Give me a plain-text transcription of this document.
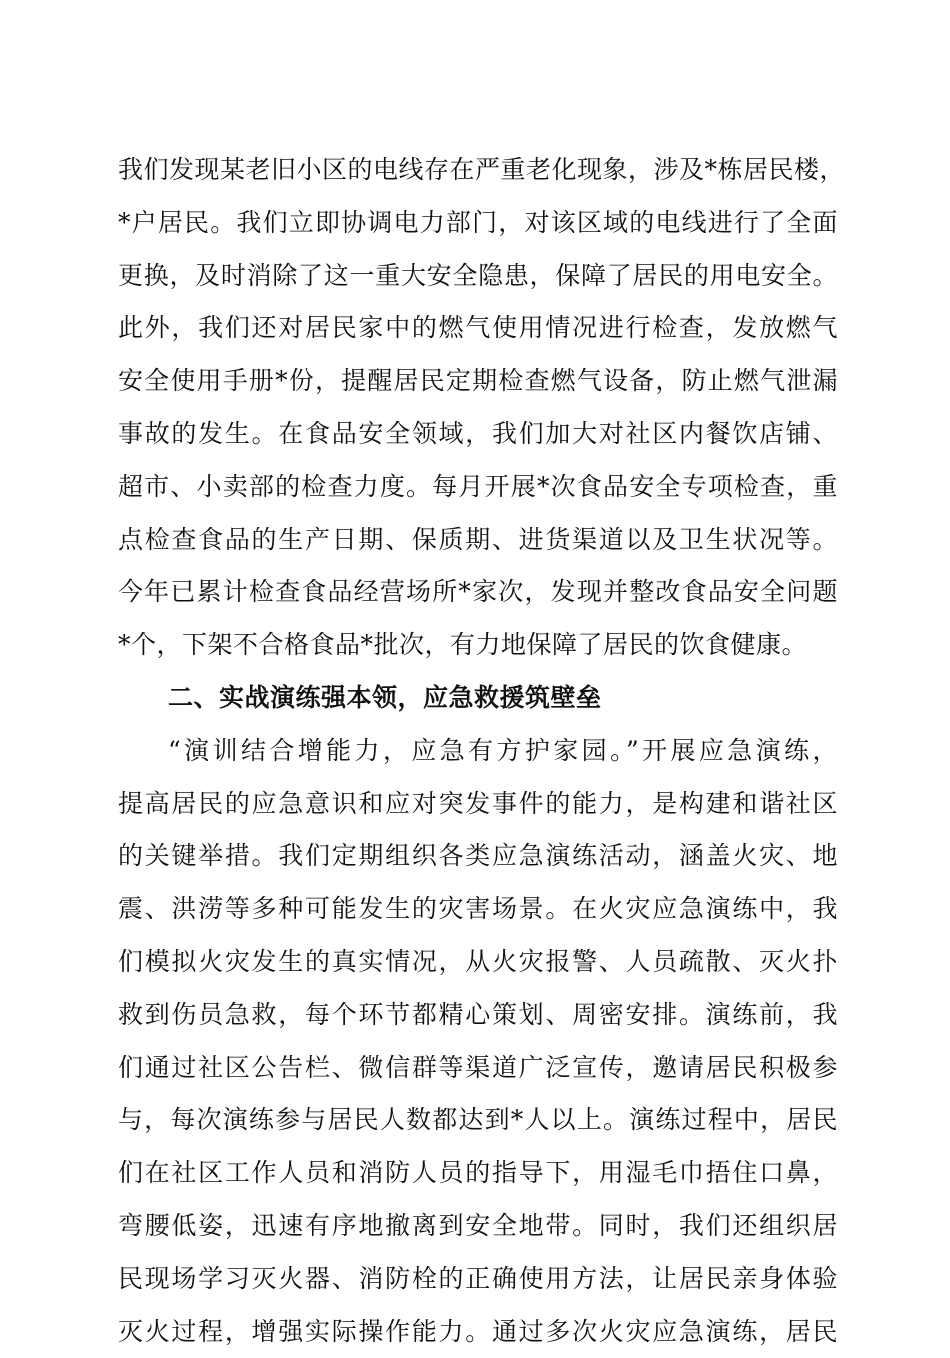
我们发现某老旧小区的电线存在严重老化现象，涉及*栋居民楼，
*户居民。我们立即协调电力部门，对该区域的电线进行了全面
更换，及时消除了这一重大安全隐患，保障了居民的用电安全。
此外，我们还对居民家中的燃气使用情况进行检查，发放燃气
安全使用手册*份，提醒居民定期检查燃气设备，防止燃气泄漏
事故的发生。在食品安全领域，我们加大对社区内餐饮店铺、
超市、小卖部的检查力度。每月开展*次食品安全专项检查，重
点检查食品的生产日期、保质期、进货渠道以及卫生状况等。
今年已累计检查食品经营场所*家次，发现并整改食品安全问题
*个，下架不合格食品*批次，有力地保障了居民的饮食健康。
二、实战演练强本领，应急救援筑壁垒
“演训结合增能力，应急有方护家园。”开展应急演练，
提高居民的应急意识和应对突发事件的能力，是构建和谐社区
的关键举措。我们定期组织各类应急演练活动，涵盖火灾、地
震、洪涝等多种可能发生的灾害场景。在火灾应急演练中，我
们模拟火灾发生的真实情况，从火灾报警、人员疏散、灭火扑
救到伤员急救，每个环节都精心策划、周密安排。演练前，我
们通过社区公告栏、微信群等渠道广泛宣传，邀请居民积极参
与，每次演练参与居民人数都达到*人以上。演练过程中，居民
们在社区工作人员和消防人员的指导下，用湿毛巾捂住口鼻，
弯腰低姿，迅速有序地撤离到安全地带。同时，我们还组织居
民现场学习灭火器、消防栓的正确使用方法，让居民亲身体验
灭火过程，增强实际操作能力。通过多次火灾应急演练，居民
